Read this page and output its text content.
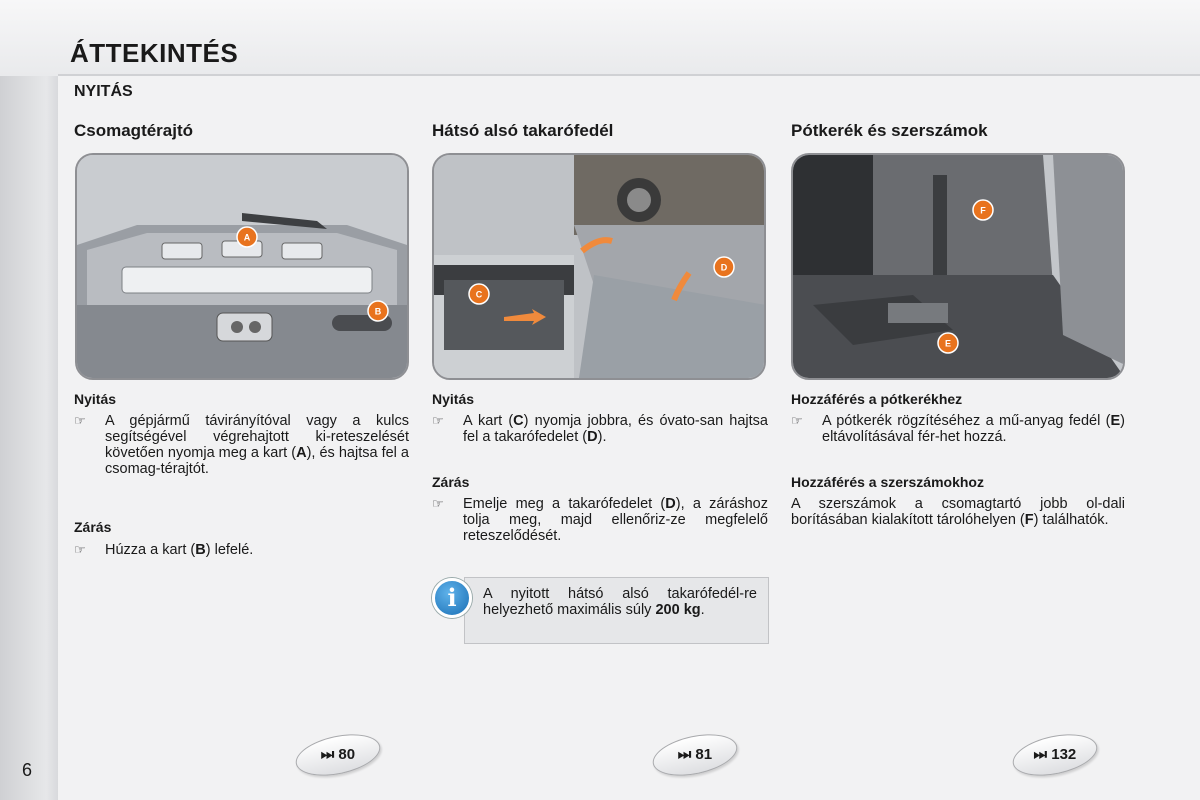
ÁTTEKINTÉS
NYITÁS
Csomagtérajtó	Hátsó alsó takarófedél	Pótkerék és szerszámok
A
B
C
D
F
E
Nyitás
☞ A gépjármű távirányítóval vagy a kulcs segítségével végrehajtott ki-reteszelését követően nyomja meg a kart (A), és hajtsa fel a csomag-térajtót.
Zárás
☞ Húzza a kart (B) lefelé.
Nyitás
☞ A kart (C) nyomja jobbra, és óvato-san hajtsa fel a takarófedelet (D).
Zárás
☞ Emelje meg a takarófedelet (D), a záráshoz tolja meg, majd ellenőriz-ze megfelelő reteszelődését.
A nyitott hátsó alsó takarófedél-re helyezhető maximális súly 200 kg.
i
Hozzáférés a pótkerékhez
☞ A pótkerék rögzítéséhez a mű-anyag fedél (E) eltávolításával fér-het hozzá.
Hozzáférés a szerszámokhoz
A szerszámok a csomagtartó jobb ol-dali borításában kialakított tárolóhelyen (F) találhatók.
⏭ 80	⏭ 81	⏭ 132
6
